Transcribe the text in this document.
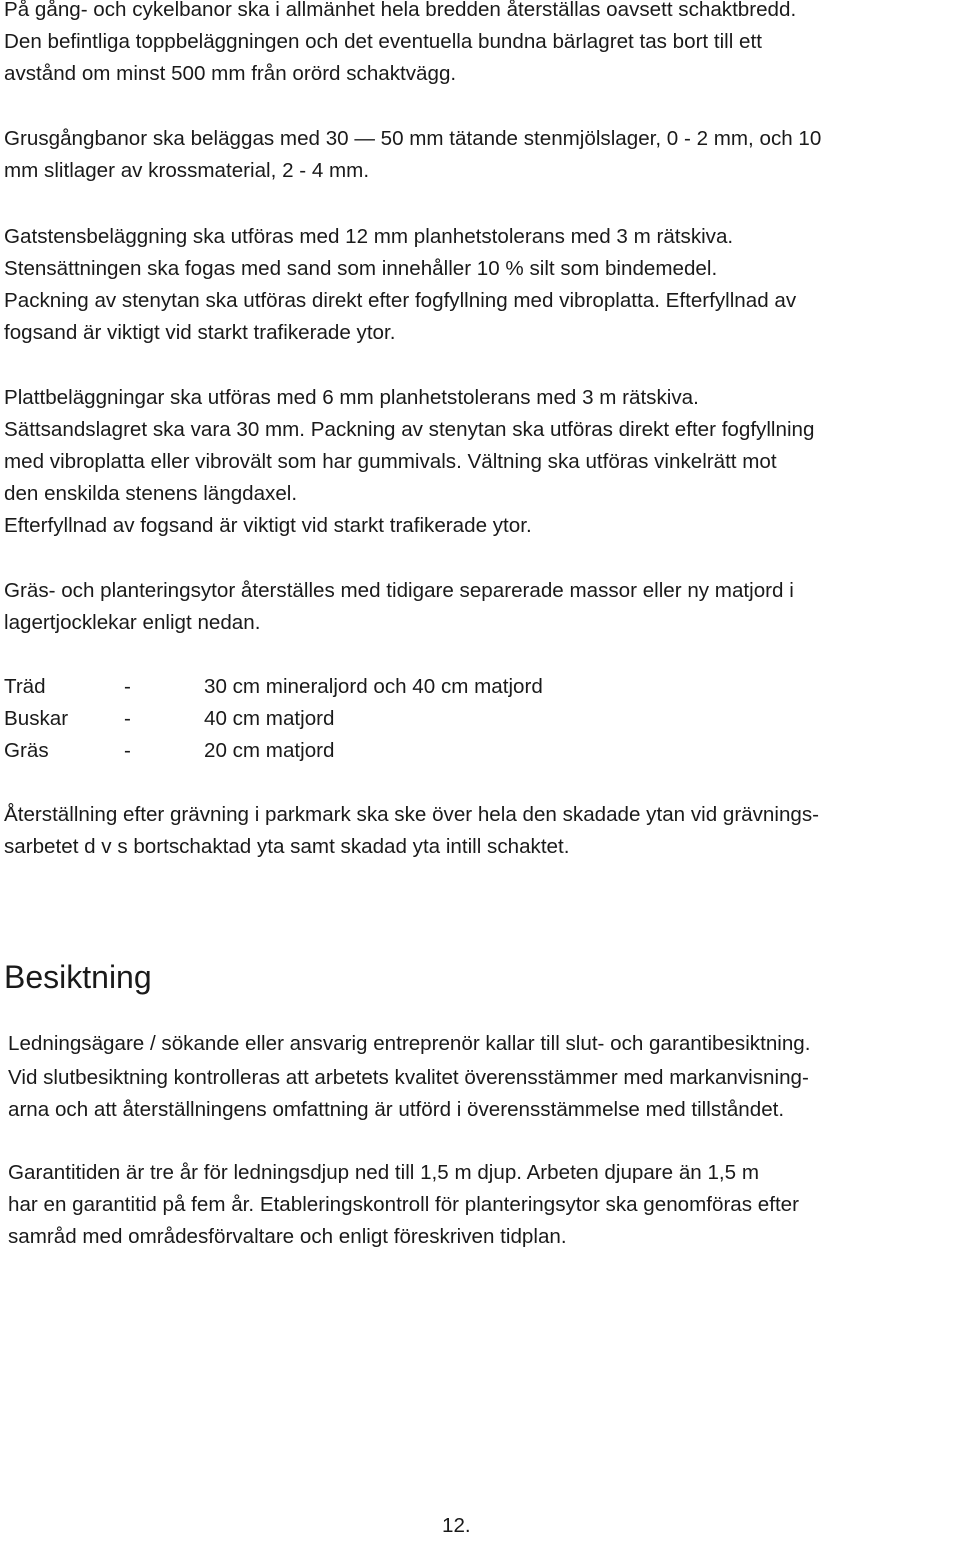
På gång- och cykelbanor ska i allmänhet hela bredden återställas oavsett schaktbredd.
Den befintliga toppbeläggningen och det eventuella bundna bärlagret tas bort till ett
avstånd om minst 500 mm från orörd schaktvägg.
Grusgångbanor ska beläggas med 30 — 50 mm tätande stenmjölslager, 0 - 2 mm, och 10
mm slitlager av krossmaterial, 2 - 4 mm.
Gatstensbeläggning ska utföras med 12 mm planhetstolerans med 3 m rätskiva.
Stensättningen ska fogas med sand som innehåller 10 % silt som bindemedel.
Packning av stenytan ska utföras direkt efter fogfyllning med vibroplatta. Efterfyllnad av
fogsand är viktigt vid starkt trafikerade ytor.
Plattbeläggningar ska utföras med 6 mm planhetstolerans med 3 m rätskiva.
Sättsandslagret ska vara 30 mm. Packning av stenytan ska utföras direkt efter fogfyllning
med vibroplatta eller vibrovält som har gummivals. Vältning ska utföras vinkelrätt mot
den enskilda stenens längdaxel.
Efterfyllnad av fogsand är viktigt vid starkt trafikerade ytor.
Gräs- och planteringsytor återställes med tidigare separerade massor eller ny matjord i
lagertjocklekar enligt nedan.
Träd	-	30 cm mineraljord och 40 cm matjord
Buskar	-	40 cm matjord
Gräs	-	20 cm matjord
Återställning efter grävning i parkmark ska ske över hela den skadade ytan vid grävnings-
sarbetet d v s bortschaktad yta samt skadad yta intill schaktet.
Besiktning
Ledningsägare / sökande eller ansvarig entreprenör kallar till slut- och garantibesiktning.
Vid slutbesiktning kontrolleras att arbetets kvalitet överensstämmer med markanvisning-
arna och att återställningens omfattning är utförd i överensstämmelse med tillståndet.
Garantitiden är tre år för ledningsdjup ned till 1,5 m djup. Arbeten djupare än 1,5 m
har en garantitid på fem år. Etableringskontroll för planteringsytor ska genomföras efter
samråd med områdesförvaltare och enligt föreskriven tidplan.
12.
